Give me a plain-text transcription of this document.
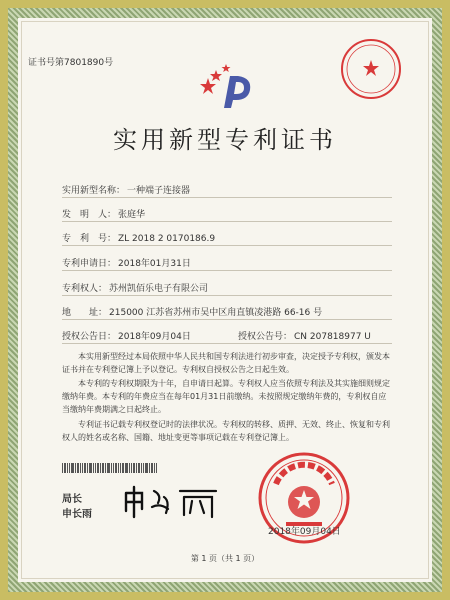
证书号第7801890号
实用新型专利证书
实用新型名称： 一种端子连接器
发　明　人： 张庭华
专　利　号： ZL 2018 2 0170186.9
专利申请日： 2018年01月31日
专利权人： 苏州凯佰乐电子有限公司
地　　址： 215000 江苏省苏州市吴中区甪直镇凌港路 66-16 号
授权公告日： 2018年09月04日	授权公告号： CN 207818977 U
本实用新型经过本局依照中华人民共和国专利法进行初步审查，决定授予专利权，颁发本证书并在专利登记簿上予以登记。专利权自授权公告之日起生效。
本专利的专利权期限为十年，自申请日起算。专利权人应当依照专利法及其实施细则规定缴纳年费。本专利的年费应当在每年01月31日前缴纳。未按照规定缴纳年费的，专利权自应当缴纳年费期满之日起终止。
专利证书记载专利权登记时的法律状况。专利权的转移、质押、无效、终止、恢复和专利权人的姓名或名称、国籍、地址变更等事项记载在专利登记簿上。
局长
申长雨
2018年09月04日
第 1 页（共 1 页）
